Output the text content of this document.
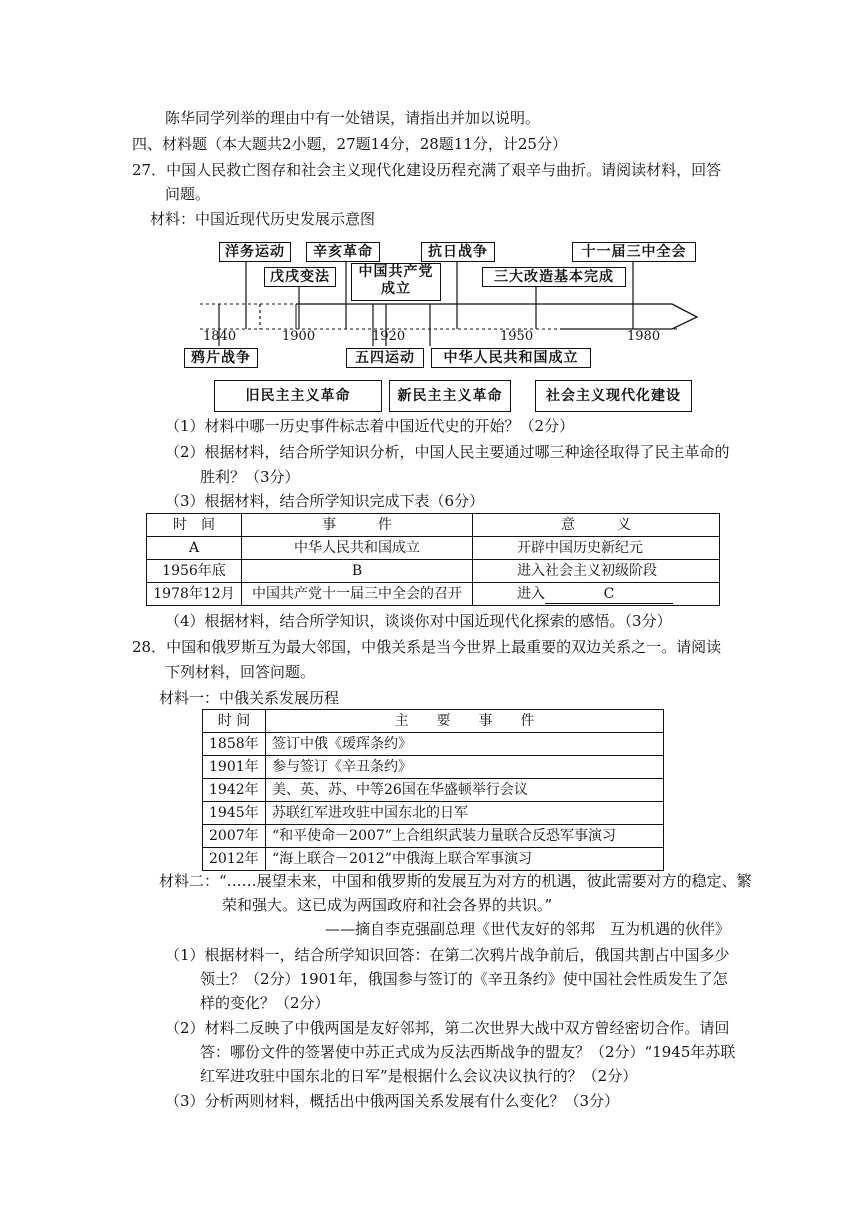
陈华同学列举的理由中有一处错误，请指出并加以说明。
四、材料题（本大题共2小题，27题14分，28题11分，计25分）
27．中国人民救亡图存和社会主义现代化建设历程充满了艰辛与曲折。请阅读材料，回答
问题。
材料：中国近现代历史发展示意图
洋务运动	辛亥革命	抗日战争	十一届三中全会
戊戌变法	中国共产党
成立
三大改造基本完成
1840	1900	1920	1950	1980
鸦片战争	五四运动	中华人民共和国成立
旧民主主义革命	新民主主义革命	社会主义现代化建设
（1）材料中哪一历史事件标志着中国近代史的开始？（2分）
（2）根据材料，结合所学知识分析，中国人民主要通过哪三种途径取得了民主革命的
胜利？（3分）
（3）根据材料，结合所学知识完成下表（6分）
时　间	事　　　件	意　　　义
A	中华人民共和国成立	开辟中国历史新纪元
1956年底	B	进入社会主义初级阶段
1978年12月	中国共产党十一届三中全会的召开	进入 C
（4）根据材料，结合所学知识，谈谈你对中国近现代化探索的感悟。（3分）
28．中国和俄罗斯互为最大邻国，中俄关系是当今世界上最重要的双边关系之一。请阅读
下列材料，回答问题。
材料一：中俄关系发展历程
时 间	主　　要　　事　　件
1858年	签订中俄《瑷珲条约》
1901年	参与签订《辛丑条约》
1942年	美、英、苏、中等26国在华盛顿举行会议
1945年	苏联红军进攻驻中国东北的日军
2007年	“和平使命－2007”上合组织武装力量联合反恐军事演习
2012年	“海上联合－2012”中俄海上联合军事演习
材料二：“……展望未来，中国和俄罗斯的发展互为对方的机遇，彼此需要对方的稳定、繁
荣和强大。这已成为两国政府和社会各界的共识。”
——摘自李克强副总理《世代友好的邻邦　互为机遇的伙伴》
（1）根据材料一，结合所学知识回答：在第二次鸦片战争前后，俄国共割占中国多少
领土？（2分）1901年，俄国参与签订的《辛丑条约》使中国社会性质发生了怎
样的变化？（2分）
（2）材料二反映了中俄两国是友好邻邦，第二次世界大战中双方曾经密切合作。请回
答：哪份文件的签署使中苏正式成为反法西斯战争的盟友？（2分）“1945年苏联
红军进攻驻中国东北的日军”是根据什么会议决议执行的？（2分）
（3）分析两则材料，概括出中俄两国关系发展有什么变化？（3分）
